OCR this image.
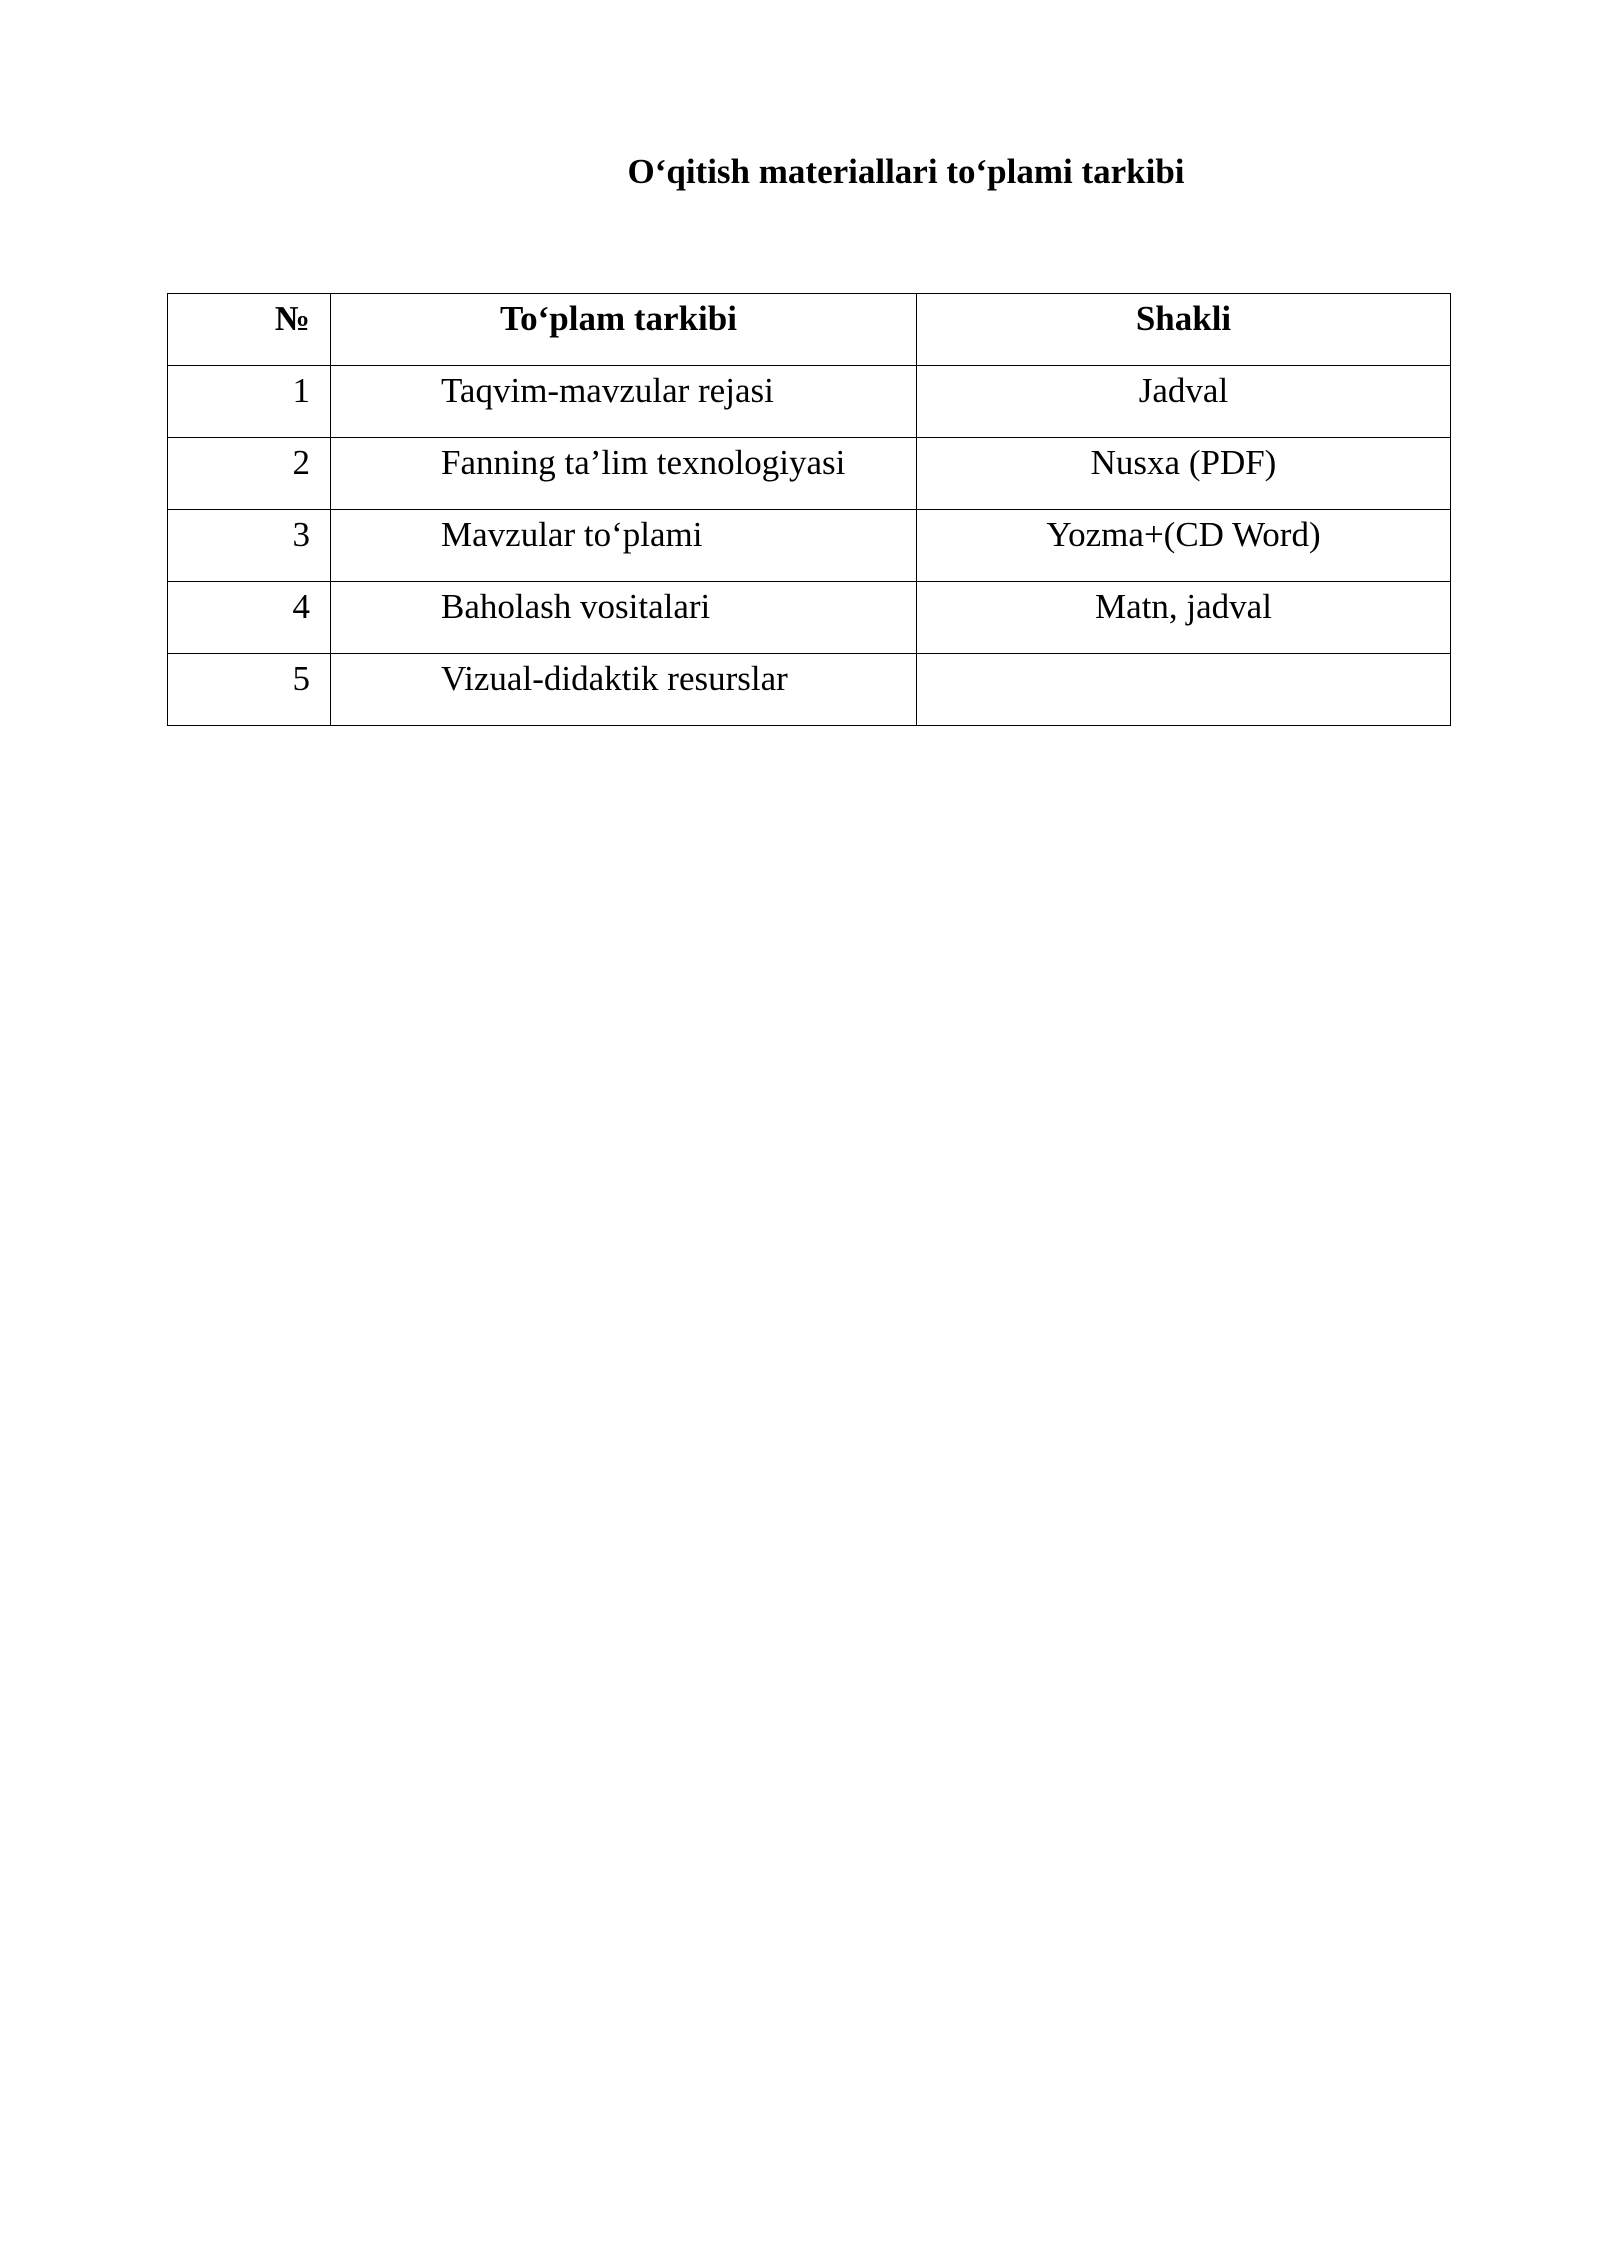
O‘qitish materiallari to‘plami tarkibi
№	To‘plam tarkibi	Shakli

1	Taqvim-mavzular rejasi	Jadval

2	Fanning ta’lim texnologiyasi	Nusxa (PDF)

3	Mavzular to‘plami	Yozma+(CD Word)

4	Baholash vositalari	Matn, jadval

5	Vizual-didaktik resurslar	
